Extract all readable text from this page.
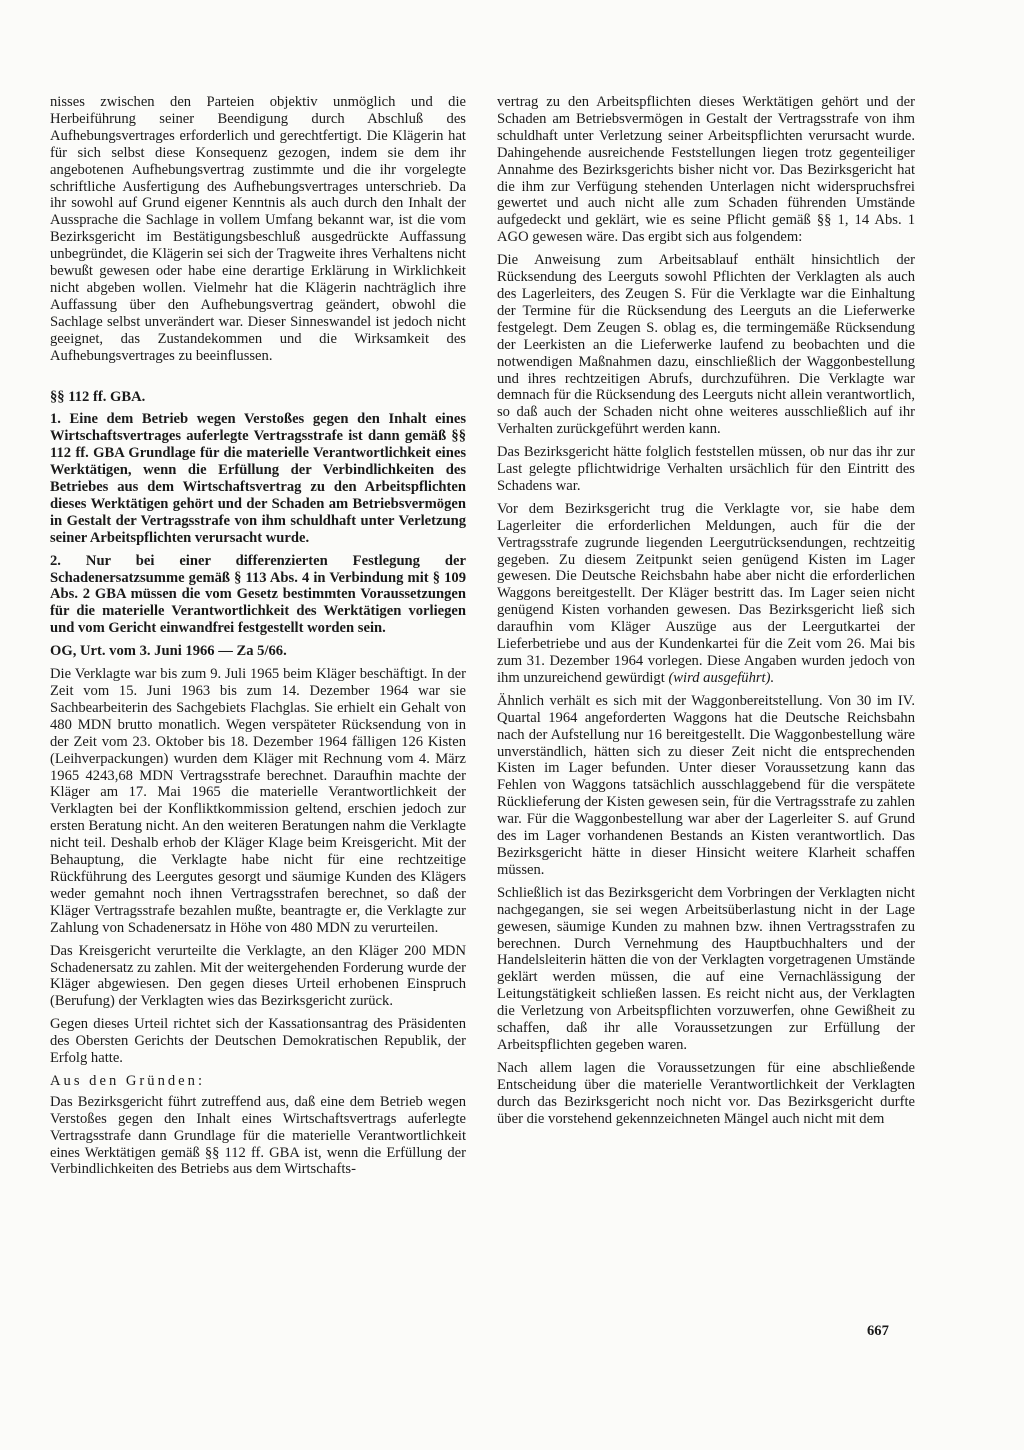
nisses zwischen den Parteien objektiv unmöglich und die Herbeiführung seiner Beendigung durch Abschluß des Aufhebungsvertrages erforderlich und gerechtfertigt. Die Klägerin hat für sich selbst diese Konsequenz gezogen, indem sie dem ihr angebotenen Aufhebungsvertrag zustimmte und die ihr vorgelegte schriftliche Ausfertigung des Aufhebungsvertrages unterschrieb. Da ihr sowohl auf Grund eigener Kenntnis als auch durch den Inhalt der Aussprache die Sachlage in vollem Umfang bekannt war, ist die vom Bezirksgericht im Bestätigungsbeschluß ausgedrückte Auffassung unbegründet, die Klägerin sei sich der Tragweite ihres Verhaltens nicht bewußt gewesen oder habe eine derartige Erklärung in Wirklichkeit nicht abgeben wollen. Vielmehr hat die Klägerin nachträglich ihre Auffassung über den Aufhebungsvertrag geändert, obwohl die Sachlage selbst unverändert war. Dieser Sinneswandel ist jedoch nicht geeignet, das Zustandekommen und die Wirksamkeit des Aufhebungsvertrages zu beeinflussen.

§§ 112 ff. GBA.

1. Eine dem Betrieb wegen Verstoßes gegen den Inhalt eines Wirtschaftsvertrages auferlegte Vertragsstrafe ist dann gemäß §§ 112 ff. GBA Grundlage für die materielle Verantwortlichkeit eines Werktätigen, wenn die Erfüllung der Verbindlichkeiten des Betriebes aus dem Wirtschaftsvertrag zu den Arbeitspflichten dieses Werktätigen gehört und der Schaden am Betriebsvermögen in Gestalt der Vertragsstrafe von ihm schuldhaft unter Verletzung seiner Arbeitspflichten verursacht wurde.

2. Nur bei einer differenzierten Festlegung der Schadenersatzsumme gemäß § 113 Abs. 4 in Verbindung mit § 109 Abs. 2 GBA müssen die vom Gesetz bestimmten Voraussetzungen für die materielle Verantwortlichkeit des Werktätigen vorliegen und vom Gericht einwandfrei festgestellt worden sein.

OG, Urt. vom 3. Juni 1966 — Za 5/66.

Die Verklagte war bis zum 9. Juli 1965 beim Kläger beschäftigt. In der Zeit vom 15. Juni 1963 bis zum 14. Dezember 1964 war sie Sachbearbeiterin des Sachgebiets Flachglas. Sie erhielt ein Gehalt von 480 MDN brutto monatlich. Wegen verspäteter Rücksendung von in der Zeit vom 23. Oktober bis 18. Dezember 1964 fälligen 126 Kisten (Leihverpackungen) wurden dem Kläger mit Rechnung vom 4. März 1965 4243,68 MDN Vertragsstrafe berechnet. Daraufhin machte der Kläger am 17. Mai 1965 die materielle Verantwortlichkeit der Verklagten bei der Konfliktkommission geltend, erschien jedoch zur ersten Beratung nicht. An den weiteren Beratungen nahm die Verklagte nicht teil. Deshalb erhob der Kläger Klage beim Kreisgericht. Mit der Behauptung, die Verklagte habe nicht für eine rechtzeitige Rückführung des Leergutes gesorgt und säumige Kunden des Klägers weder gemahnt noch ihnen Vertragsstrafen berechnet, so daß der Kläger Vertragsstrafe bezahlen mußte, beantragte er, die Verklagte zur Zahlung von Schadenersatz in Höhe von 480 MDN zu verurteilen.

Das Kreisgericht verurteilte die Verklagte, an den Kläger 200 MDN Schadenersatz zu zahlen. Mit der weitergehenden Forderung wurde der Kläger abgewiesen. Den gegen dieses Urteil erhobenen Einspruch (Berufung) der Verklagten wies das Bezirksgericht zurück.

Gegen dieses Urteil richtet sich der Kassationsantrag des Präsidenten des Obersten Gerichts der Deutschen Demokratischen Republik, der Erfolg hatte.

Aus den Gründen:

Das Bezirksgericht führt zutreffend aus, daß eine dem Betrieb wegen Verstoßes gegen den Inhalt eines Wirtschaftsvertrags auferlegte Vertragsstrafe dann Grundlage für die materielle Verantwortlichkeit eines Werktätigen gemäß §§ 112 ff. GBA ist, wenn die Erfüllung der Verbindlichkeiten des Betriebs aus dem Wirtschafts-

vertrag zu den Arbeitspflichten dieses Werktätigen gehört und der Schaden am Betriebsvermögen in Gestalt der Vertragsstrafe von ihm schuldhaft unter Verletzung seiner Arbeitspflichten verursacht wurde. Dahingehende ausreichende Feststellungen liegen trotz gegenteiliger Annahme des Bezirksgerichts bisher nicht vor. Das Bezirksgericht hat die ihm zur Verfügung stehenden Unterlagen nicht widerspruchsfrei gewertet und auch nicht alle zum Schaden führenden Umstände aufgedeckt und geklärt, wie es seine Pflicht gemäß §§ 1, 14 Abs. 1 AGO gewesen wäre. Das ergibt sich aus folgendem:

Die Anweisung zum Arbeitsablauf enthält hinsichtlich der Rücksendung des Leerguts sowohl Pflichten der Verklagten als auch des Lagerleiters, des Zeugen S. Für die Verklagte war die Einhaltung der Termine für die Rücksendung des Leerguts an die Lieferwerke festgelegt. Dem Zeugen S. oblag es, die termingemäße Rücksendung der Leerkisten an die Lieferwerke laufend zu beobachten und die notwendigen Maßnahmen dazu, einschließlich der Waggonbestellung und ihres rechtzeitigen Abrufs, durchzuführen. Die Verklagte war demnach für die Rücksendung des Leerguts nicht allein verantwortlich, so daß auch der Schaden nicht ohne weiteres ausschließlich auf ihr Verhalten zurückgeführt werden kann.

Das Bezirksgericht hätte folglich feststellen müssen, ob nur das ihr zur Last gelegte pflichtwidrige Verhalten ursächlich für den Eintritt des Schadens war.

Vor dem Bezirksgericht trug die Verklagte vor, sie habe dem Lagerleiter die erforderlichen Meldungen, auch für die der Vertragsstrafe zugrunde liegenden Leergutrücksendungen, rechtzeitig gegeben. Zu diesem Zeitpunkt seien genügend Kisten im Lager gewesen. Die Deutsche Reichsbahn habe aber nicht die erforderlichen Waggons bereitgestellt. Der Kläger bestritt das. Im Lager seien nicht genügend Kisten vorhanden gewesen. Das Bezirksgericht ließ sich daraufhin vom Kläger Auszüge aus der Leergutkartei der Lieferbetriebe und aus der Kundenkartei für die Zeit vom 26. Mai bis zum 31. Dezember 1964 vorlegen. Diese Angaben wurden jedoch von ihm unzureichend gewürdigt (wird ausgeführt).

Ähnlich verhält es sich mit der Waggonbereitstellung. Von 30 im IV. Quartal 1964 angeforderten Waggons hat die Deutsche Reichsbahn nach der Aufstellung nur 16 bereitgestellt. Die Waggonbestellung wäre unverständlich, hätten sich zu dieser Zeit nicht die entsprechenden Kisten im Lager befunden. Unter dieser Voraussetzung kann das Fehlen von Waggons tatsächlich ausschlaggebend für die verspätete Rücklieferung der Kisten gewesen sein, für die Vertragsstrafe zu zahlen war. Für die Waggonbestellung war aber der Lagerleiter S. auf Grund des im Lager vorhandenen Bestands an Kisten verantwortlich. Das Bezirksgericht hätte in dieser Hinsicht weitere Klarheit schaffen müssen.

Schließlich ist das Bezirksgericht dem Vorbringen der Verklagten nicht nachgegangen, sie sei wegen Arbeitsüberlastung nicht in der Lage gewesen, säumige Kunden zu mahnen bzw. ihnen Vertragsstrafen zu berechnen. Durch Vernehmung des Hauptbuchhalters und der Handelsleiterin hätten die von der Verklagten vorgetragenen Umstände geklärt werden müssen, die auf eine Vernachlässigung der Leitungstätigkeit schließen lassen. Es reicht nicht aus, der Verklagten die Verletzung von Arbeitspflichten vorzuwerfen, ohne Gewißheit zu schaffen, daß ihr alle Voraussetzungen zur Erfüllung der Arbeitspflichten gegeben waren.

Nach allem lagen die Voraussetzungen für eine abschließende Entscheidung über die materielle Verantwortlichkeit der Verklagten durch das Bezirksgericht noch nicht vor. Das Bezirksgericht durfte über die vorstehend gekennzeichneten Mängel auch nicht mit dem

667
